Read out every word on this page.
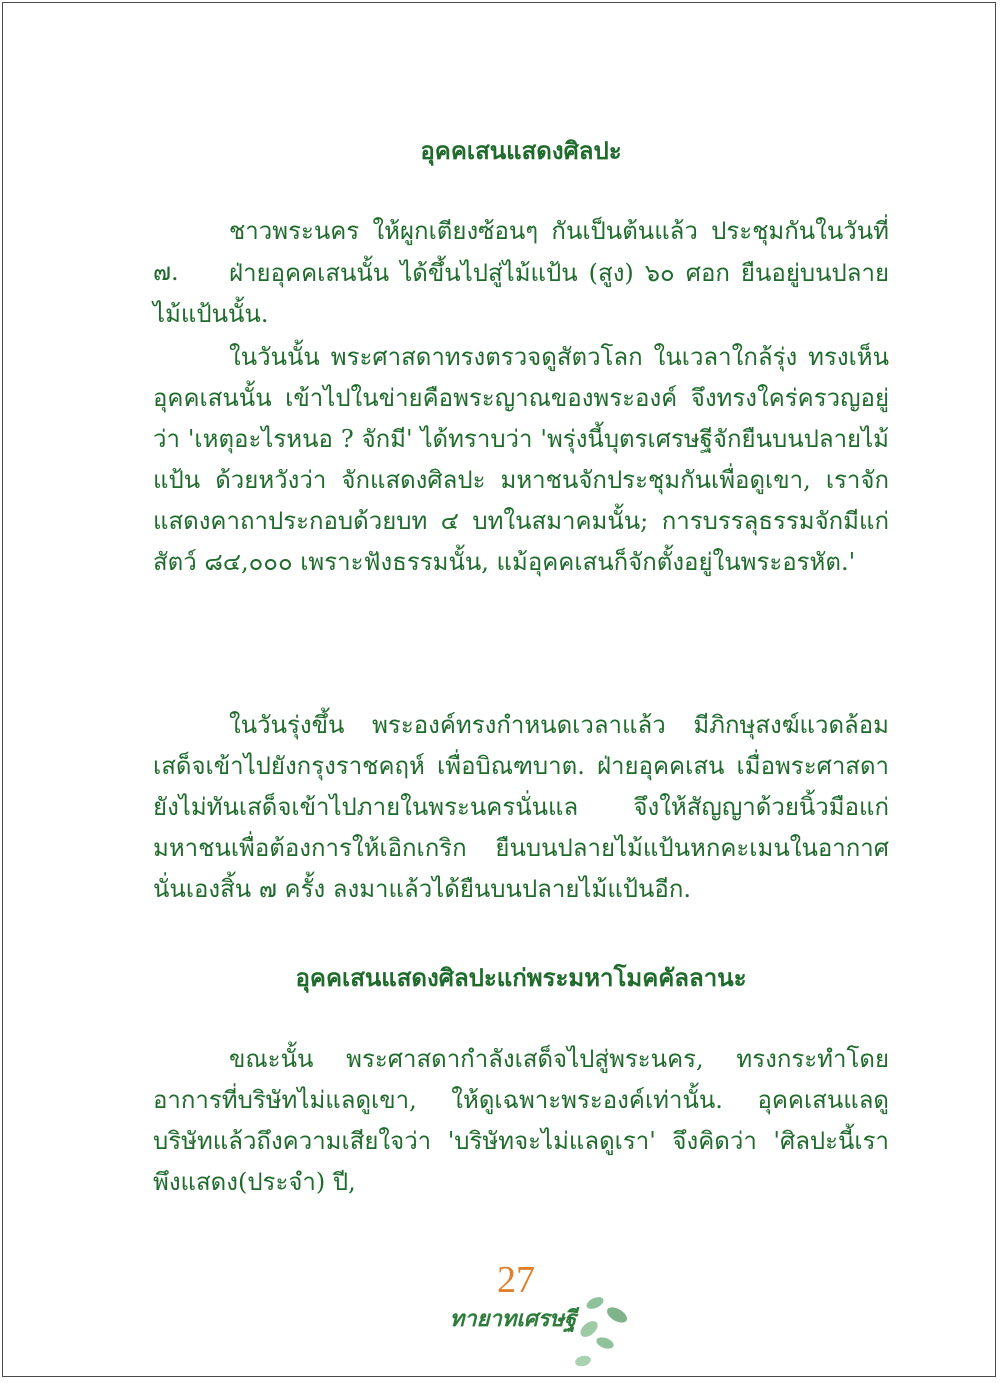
อุคคเสนแสดงศิลปะ

ชาวพระนคร ให้ผูกเตียงซ้อนๆ กันเป็นต้นแล้ว ประชุมกันในวันที่ ๗.	ฝ่ายอุคคเสนนั้น ได้ขึ้นไปสู่ไม้แป้น (สูง) ๖๐ ศอก ยืนอยู่บนปลายไม้แป้นนั้น.

ในวันนั้น พระศาสดาทรงตรวจดูสัตวโลก ในเวลาใกล้รุ่ง ทรงเห็นอุคคเสนนั้น เข้าไปในข่ายคือพระญาณของพระองค์ จึงทรงใคร่ครวญอยู่ว่า 'เหตุอะไรหนอ ? จักมี' ได้ทราบว่า 'พรุ่งนี้บุตรเศรษฐีจักยืนบนปลายไม้แป้น ด้วยหวังว่า จักแสดงศิลปะ มหาชนจักประชุมกันเพื่อดูเขา, เราจักแสดงคาถาประกอบด้วยบท ๔ บทในสมาคมนั้น; การบรรลุธรรมจักมีแก่สัตว์ ๘๔,๐๐๐ เพราะฟังธรรมนั้น, แม้อุคคเสนก็จักตั้งอยู่ในพระอรหัต.'

ในวันรุ่งขึ้น พระองค์ทรงกำหนดเวลาแล้ว มีภิกษุสงฆ์แวดล้อมเสด็จเข้าไปยังกรุงราชคฤห์ เพื่อบิณฑบาต. ฝ่ายอุคคเสน เมื่อพระศาสดายังไม่ทันเสด็จเข้าไปภายในพระนครนั่นแล จึงให้สัญญาด้วยนิ้วมือแก่มหาชนเพื่อต้องการให้เอิกเกริก ยืนบนปลายไม้แป้นหกคะเมนในอากาศ นั่นเองสิ้น ๗ ครั้ง ลงมาแล้วได้ยืนบนปลายไม้แป้นอีก.

อุคคเสนแสดงศิลปะแก่พระมหาโมคคัลลานะ

ขณะนั้น พระศาสดากำลังเสด็จไปสู่พระนคร, ทรงกระทำโดยอาการที่บริษัทไม่แลดูเขา, ให้ดูเฉพาะพระองค์เท่านั้น. อุคคเสนแลดูบริษัทแล้วถึงความเสียใจว่า 'บริษัทจะไม่แลดูเรา' จึงคิดว่า 'ศิลปะนี้เราพึงแสดง(ประจำ) ปี,

27
ทายาทเศรษฐี
